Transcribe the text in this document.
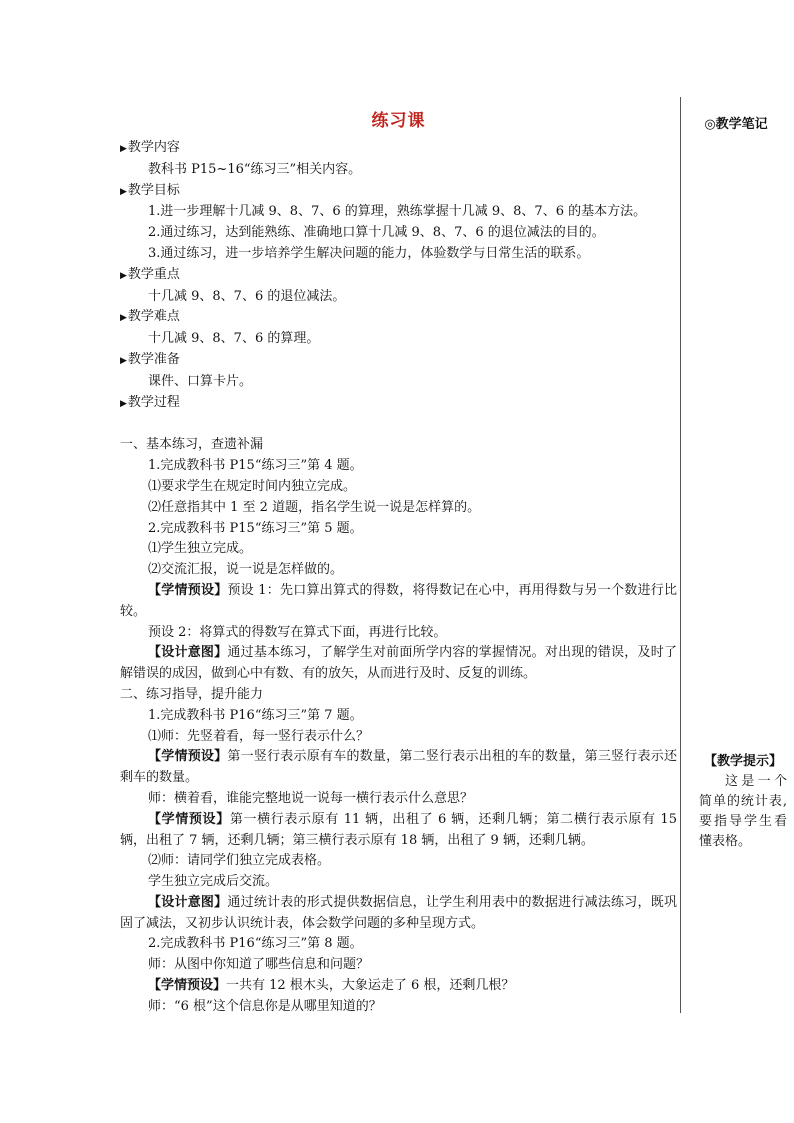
练习课	◎教学笔记
【教学提示】
这是一个简单的统计表,要指导学生看懂表格。
▶教学内容
教科书 P15~16“练习三”相关内容。
▶教学目标
1.进一步理解十几减 9、8、7、6 的算理，熟练掌握十几减 9、8、7、6 的基本方法。
2.通过练习，达到能熟练、准确地口算十几减 9、8、7、6 的退位减法的目的。
3.通过练习，进一步培养学生解决问题的能力，体验数学与日常生活的联系。
▶教学重点
十几减 9、8、7、6 的退位减法。
▶教学难点
十几减 9、8、7、6 的算理。
▶教学准备
课件、口算卡片。
▶教学过程
一、基本练习，查遗补漏
1.完成教科书 P15“练习三”第 4 题。
⑴要求学生在规定时间内独立完成。
⑵任意指其中 1 至 2 道题，指名学生说一说是怎样算的。
2.完成教科书 P15“练习三”第 5 题。
⑴学生独立完成。
⑵交流汇报，说一说是怎样做的。
【学情预设】预设 1：先口算出算式的得数，将得数记在心中，再用得数与另一个数进行比较。
预设 2：将算式的得数写在算式下面，再进行比较。
【设计意图】通过基本练习，了解学生对前面所学内容的掌握情况。对出现的错误，及时了解错误的成因，做到心中有数、有的放矢，从而进行及时、反复的训练。
二、练习指导，提升能力
1.完成教科书 P16“练习三”第 7 题。
⑴师：先竖着看，每一竖行表示什么？
【学情预设】第一竖行表示原有车的数量，第二竖行表示出租的车的数量，第三竖行表示还剩车的数量。
师：横着看，谁能完整地说一说每一横行表示什么意思？
【学情预设】第一横行表示原有 11 辆，出租了 6 辆，还剩几辆；第二横行表示原有 15 辆，出租了 7 辆，还剩几辆；第三横行表示原有 18 辆，出租了 9 辆，还剩几辆。
⑵师：请同学们独立完成表格。
学生独立完成后交流。
【设计意图】通过统计表的形式提供数据信息，让学生利用表中的数据进行减法练习，既巩固了减法，又初步认识统计表，体会数学问题的多种呈现方式。
2.完成教科书 P16“练习三”第 8 题。
师：从图中你知道了哪些信息和问题？
【学情预设】一共有 12 根木头，大象运走了 6 根，还剩几根？
师：“6 根”这个信息你是从哪里知道的？
